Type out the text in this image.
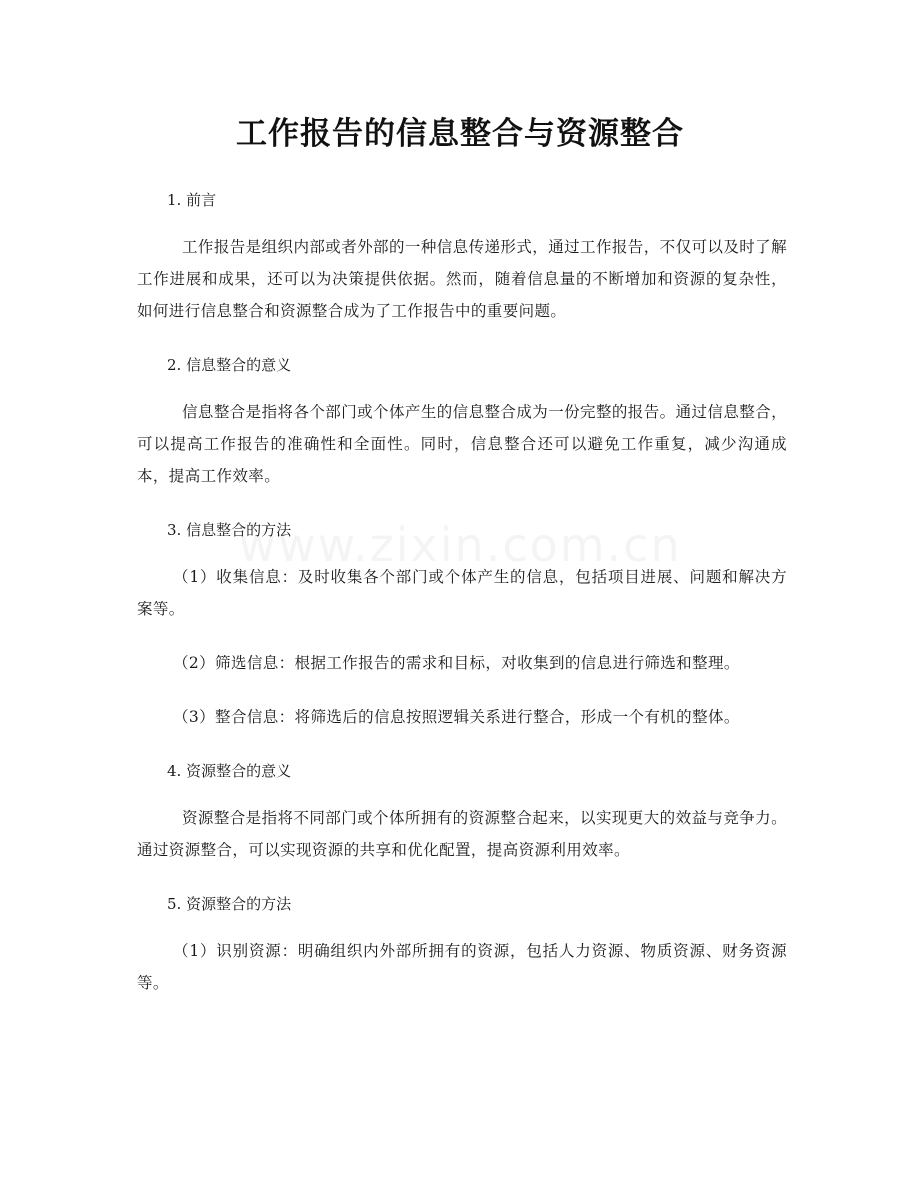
工作报告的信息整合与资源整合

1. 前言

工作报告是组织内部或者外部的一种信息传递形式，通过工作报告，不仅可以及时了解工作进展和成果，还可以为决策提供依据。然而，随着信息量的不断增加和资源的复杂性，如何进行信息整合和资源整合成为了工作报告中的重要问题。

2. 信息整合的意义

信息整合是指将各个部门或个体产生的信息整合成为一份完整的报告。通过信息整合，可以提高工作报告的准确性和全面性。同时，信息整合还可以避免工作重复，减少沟通成本，提高工作效率。

3. 信息整合的方法

（1）收集信息：及时收集各个部门或个体产生的信息，包括项目进展、问题和解决方案等。

（2）筛选信息：根据工作报告的需求和目标，对收集到的信息进行筛选和整理。

（3）整合信息：将筛选后的信息按照逻辑关系进行整合，形成一个有机的整体。

4. 资源整合的意义

资源整合是指将不同部门或个体所拥有的资源整合起来，以实现更大的效益与竞争力。通过资源整合，可以实现资源的共享和优化配置，提高资源利用效率。

5. 资源整合的方法

（1）识别资源：明确组织内外部所拥有的资源，包括人力资源、物质资源、财务资源等。
